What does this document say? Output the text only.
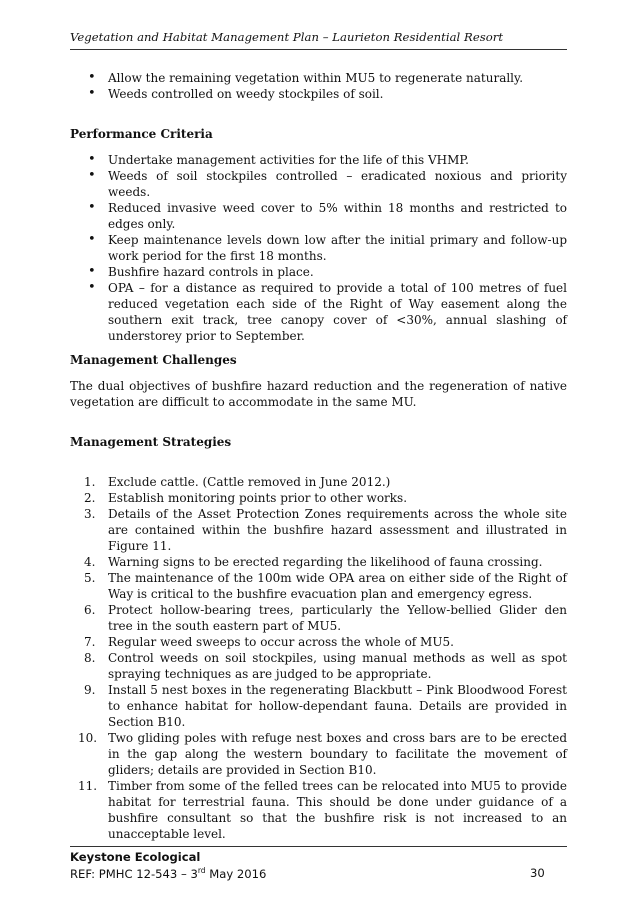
Vegetation and Habitat Management Plan – Laurieton Residential Resort
• Allow the remaining vegetation within MU5 to regenerate naturally.
• Weeds controlled on weedy stockpiles of soil.
Performance Criteria
• Undertake management activities for the life of this VHMP.
• Weeds of soil stockpiles controlled – eradicated noxious and priority weeds.
• Reduced invasive weed cover to 5% within 18 months and restricted to edges only.
• Keep maintenance levels down low after the initial primary and follow-up work period for the first 18 months.
• Bushfire hazard controls in place.
• OPA – for a distance as required to provide a total of 100 metres of fuel reduced vegetation each side of the Right of Way easement along the southern exit track, tree canopy cover of <30%, annual slashing of understorey prior to September.
Management Challenges

The dual objectives of bushfire hazard reduction and the regeneration of native vegetation are difficult to accommodate in the same MU.

Management Strategies
1. Exclude cattle. (Cattle removed in June 2012.)
2. Establish monitoring points prior to other works.
3. Details of the Asset Protection Zones requirements across the whole site are contained within the bushfire hazard assessment and illustrated in Figure 11.
4. Warning signs to be erected regarding the likelihood of fauna crossing.
5. The maintenance of the 100m wide OPA area on either side of the Right of Way is critical to the bushfire evacuation plan and emergency egress.
6. Protect hollow-bearing trees, particularly the Yellow-bellied Glider den tree in the south eastern part of MU5.
7. Regular weed sweeps to occur across the whole of MU5.
8. Control weeds on soil stockpiles, using manual methods as well as spot spraying techniques as are judged to be appropriate.
9. Install 5 nest boxes in the regenerating Blackbutt – Pink Bloodwood Forest to enhance habitat for hollow-dependant fauna. Details are provided in Section B10.
10. Two gliding poles with refuge nest boxes and cross bars are to be erected in the gap along the western boundary to facilitate the movement of gliders; details are provided in Section B10.
11. Timber from some of the felled trees can be relocated into MU5 to provide habitat for terrestrial fauna. This should be done under guidance of a bushfire consultant so that the bushfire risk is not increased to an unacceptable level.
Keystone Ecological
REF: PMHC 12-543 – 3rd May 2016	30
